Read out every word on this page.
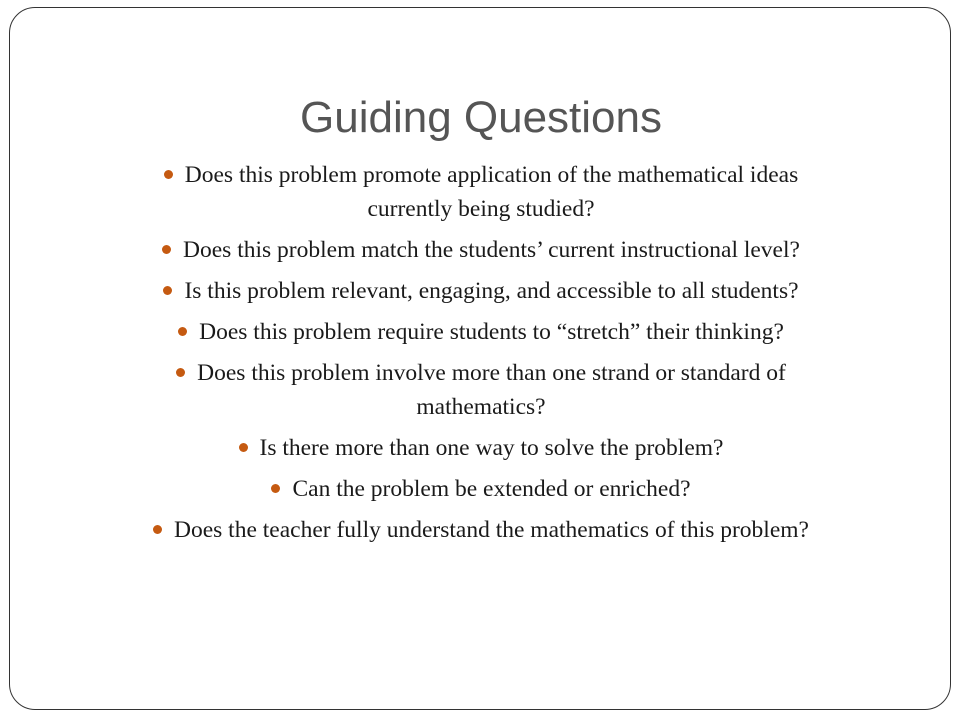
Guiding Questions
Does this problem promote application of the mathematical ideas currently being studied?
Does this problem match the students’ current instructional level?
Is this problem relevant, engaging, and accessible to all students?
Does this problem require students to “stretch” their thinking?
Does this problem involve more than one strand or standard of mathematics?
Is there more than one way to solve the problem?
Can the problem be extended or enriched?
Does the teacher fully understand the mathematics of this problem?
